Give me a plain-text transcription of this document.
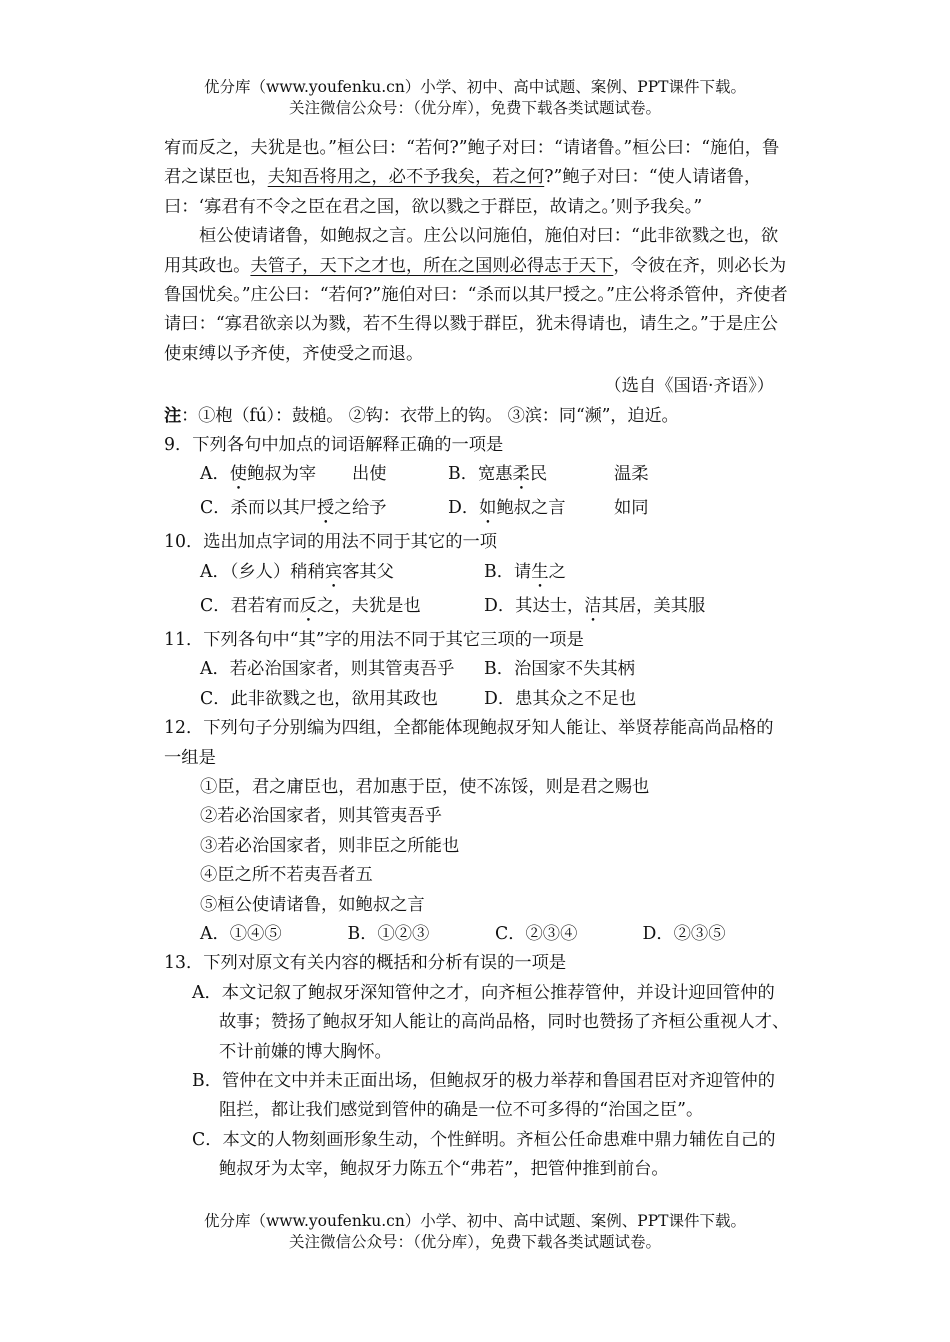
优分库（www.youfenku.cn）小学、初中、高中试题、案例、PPT课件下载。
关注微信公众号：（优分库），免费下载各类试题试卷。

宥而反之，夫犹是也。”桓公曰：“若何?”鲍子对曰：“请诸鲁。”桓公曰：“施伯，鲁君之谋臣也，夫知吾将用之，必不予我矣，若之何?”鲍子对曰：“使人请诸鲁，曰：‘寡君有不令之臣在君之国，欲以戮之于群臣，故请之。’则予我矣。”

桓公使请诸鲁，如鲍叔之言。庄公以问施伯，施伯对曰：“此非欲戮之也，欲用其政也。夫管子，天下之才也，所在之国则必得志于天下，令彼在齐，则必长为鲁国忧矣。”庄公曰：“若何?”施伯对曰：“杀而以其尸授之。”庄公将杀管仲，齐使者请曰：“寡君欲亲以为戮，若不生得以戮于群臣，犹未得请也，请生之。”于是庄公使束缚以予齐使，齐使受之而退。

（选自《国语·齐语》）

注：①枹（fú）：鼓槌。 ②钩：衣带上的钩。 ③滨：同“濒”，迫近。

9．下列各句中加点的词语解释正确的一项是

A．使鲍叔为宰	出使	B．宽惠柔民	温柔
C．杀而以其尸授之 给予	D．如鲍叔之言	如同

10．选出加点字词的用法不同于其它的一项

A．（乡人）稍稍宾客其父	B．请生之
C．君若宥而反之，夫犹是也	D．其达士，洁其居，美其服

11．下列各句中“其”字的用法不同于其它三项的一项是

A．若必治国家者，则其管夷吾乎	B．治国家不失其柄
C．此非欲戮之也，欲用其政也	D．患其众之不足也

12．下列句子分别编为四组，全都能体现鲍叔牙知人能让、举贤荐能高尚品格的一组是

①臣，君之庸臣也，君加惠于臣，使不冻馁，则是君之赐也

②若必治国家者，则其管夷吾乎

③若必治国家者，则非臣之所能也

④臣之所不若夷吾者五

⑤桓公使请诸鲁，如鲍叔之言

A．①④⑤	B．①②③	C．②③④	D．②③⑤

13．下列对原文有关内容的概括和分析有误的一项是

A．本文记叙了鲍叔牙深知管仲之才，向齐桓公推荐管仲，并设计迎回管仲的故事；赞扬了鲍叔牙知人能让的高尚品格，同时也赞扬了齐桓公重视人才、不计前嫌的博大胸怀。

B．管仲在文中并未正面出场，但鲍叔牙的极力举荐和鲁国君臣对齐迎管仲的阻拦，都让我们感觉到管仲的确是一位不可多得的“治国之臣”。

C．本文的人物刻画形象生动，个性鲜明。齐桓公任命患难中鼎力辅佐自己的鲍叔牙为太宰，鲍叔牙力陈五个“弗若”，把管仲推到前台。

优分库（www.youfenku.cn）小学、初中、高中试题、案例、PPT课件下载。
关注微信公众号：（优分库），免费下载各类试题试卷。
